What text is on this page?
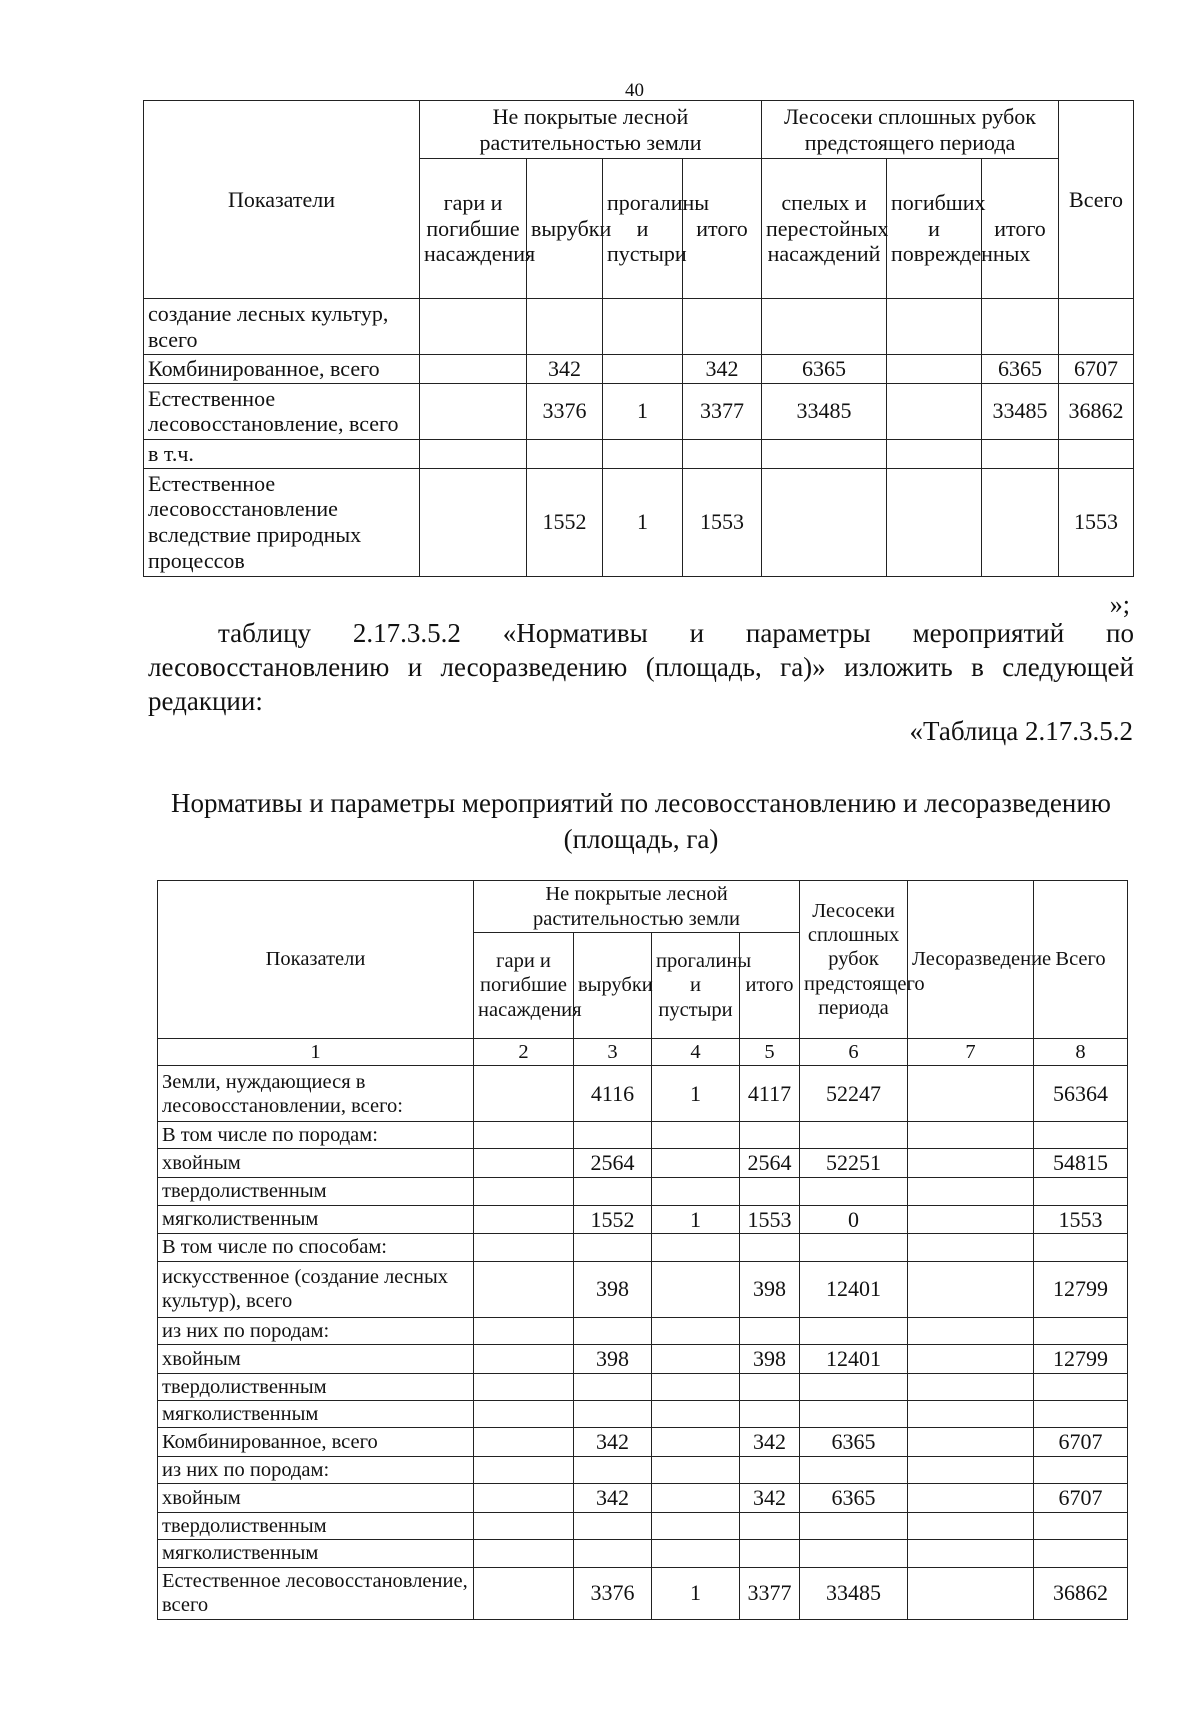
40
Показатели	Не покрытые лесной растительностью земли				Лесосеки сплошных рубок предстоящего периода			Всего
	гари и погибшие насаждения	вырубки	прогалины и пустыри	итого	спелых и перестойных насаждений	погибших и поврежденных	итого	
создание лесных культур, всего								
Комбинированное, всего		342		342	6365		6365	6707
Естественное лесовосстановление, всего		3376	1	3377	33485		33485	36862
в т.ч.								
Естественное лесовосстановление вследствие природных процессов		1552	1	1553				1553
»;
таблицу 2.17.3.5.2 «Нормативы и параметры мероприятий по
лесовосстановлению и лесоразведению (площадь, га)» изложить в следующей редакции:
«Таблица 2.17.3.5.2
Нормативы и параметры мероприятий по лесовосстановлению и лесоразведению
(площадь, га)
Показатели	Не покрытые лесной растительностью земли				Лесосеки сплошных рубок предстоящего периода	Лесоразведение	Всего
	гари и погибшие насаждения	вырубки	прогалины и пустыри	итого			
1	2	3	4	5	6	7	8
Земли, нуждающиеся в лесовосстановлении, всего:		4116	1	4117	52247		56364
В том числе по породам:							
хвойным		2564		2564	52251		54815
твердолиственным							
мягколиственным		1552	1	1553	0		1553
В том числе по способам:							
искусственное (создание лесных культур), всего		398		398	12401		12799
из них по породам:							
хвойным		398		398	12401		12799
твердолиственным							
мягколиственным							
Комбинированное, всего		342		342	6365		6707
из них по породам:							
хвойным		342		342	6365		6707
твердолиственным							
мягколиственным							
Естественное лесовосстановление, всего		3376	1	3377	33485		36862
